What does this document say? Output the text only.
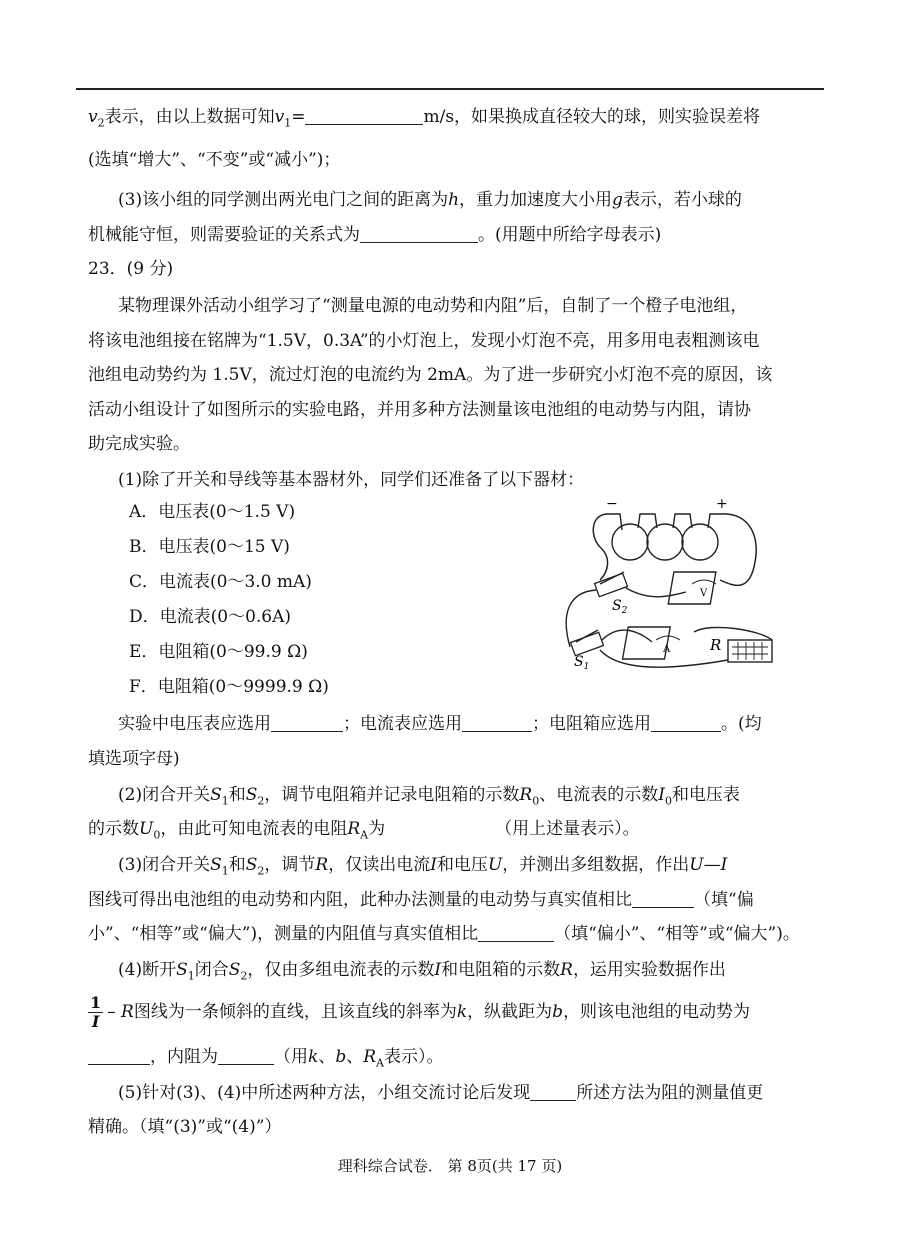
$v_2$表示，由以上数据可知$v_1=$	m/s，如果换成直径较大的球，则实验误差将
(选填“增大”、“不变”或“减小”)；
(3)该小组的同学测出两光电门之间的距离为h，重力加速度大小用g表示，若小球的
机械能守恒，则需要验证的关系式为	。(用题中所给字母表示)
23．(9 分)
某物理课外活动小组学习了“测量电源的电动势和内阻”后，自制了一个橙子电池组，
将该电池组接在铭牌为“1.5V，0.3A”的小灯泡上，发现小灯泡不亮，用多用电表粗测该电
池组电动势约为 1.5V，流过灯泡的电流约为 2mA。为了进一步研究小灯泡不亮的原因，该
活动小组设计了如图所示的实验电路，并用多种方法测量该电池组的电动势与内阻，请协
助完成实验。
(1)除了开关和导线等基本器材外，同学们还准备了以下器材：
A．电压表(0～1.5 V)
B．电压表(0～15 V)
C．电流表(0～3.0 mA)
D．电流表(0～0.6A)
E．电阻箱(0～99.9 Ω)
F．电阻箱(0～9999.9 Ω)
−	+
$S_2$
V
$S_1$
A	R
实验中电压表应选用	；电流表应选用	；电阻箱应选用	。(均
填选项字母)
(2)闭合开关$S_1$和$S_2$，调节电阻箱并记录电阻箱的示数$R_0$、电流表的示数$I_0$和电压表
的示数$U_0$，由此可知电流表的电阻$R_A$为	（用上述量表示）。
(3)闭合开关$S_1$和$S_2$，调节R，仅读出电流I和电压U，并测出多组数据，作出U—I
图线可得出电池组的电动势和内阻，此种办法测量的电动势与真实值相比	（填“偏
小”、“相等”或“偏大”)，测量的内阻值与真实值相比	（填“偏小”、“相等”或“偏大”)。
(4)断开$S_1$闭合$S_2$，仅由多组电流表的示数I和电阻箱的示数R，运用实验数据作出
$\frac{1}{I}$ – R图线为一条倾斜的直线，且该直线的斜率为k，纵截距为b，则该电池组的电动势为
，内阻为	（用k、b、$R_A$表示）。
(5)针对(3)、(4)中所述两种方法，小组交流讨论后发现	所述方法为阻的测量值更
精确。（填“(3)”或“(4)”）
理科综合试卷． 第 8页(共 17 页)
